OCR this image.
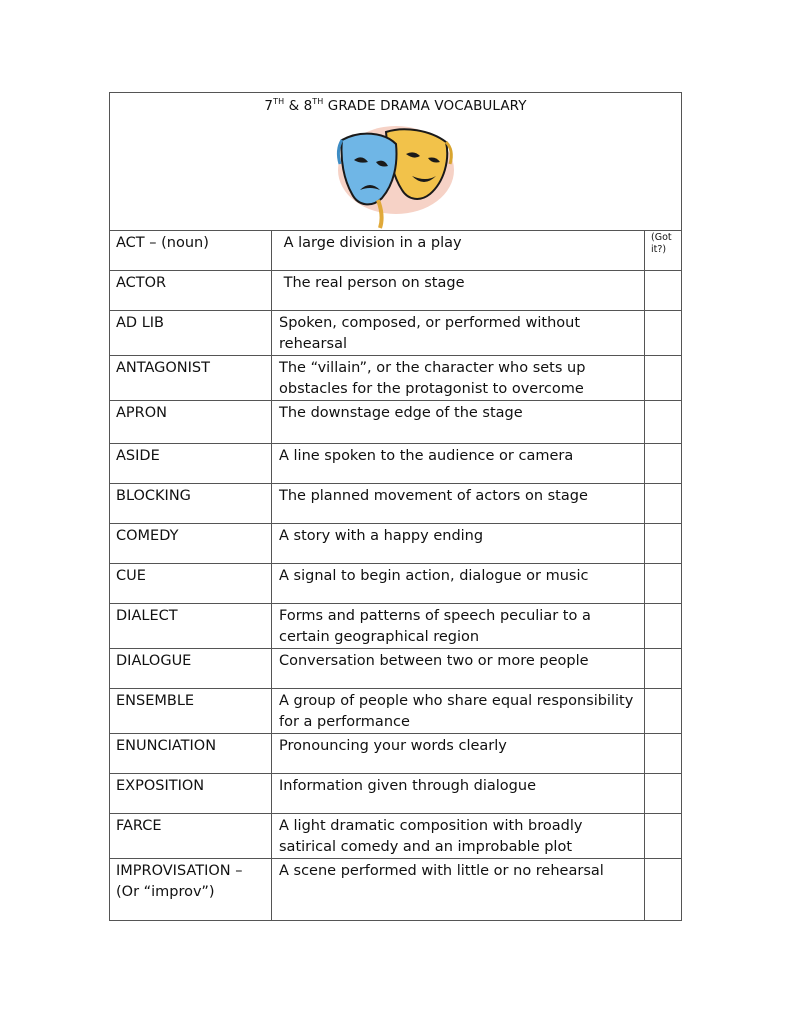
7TH & 8TH GRADE DRAMA VOCABULARY		

ACT – (noun)	A large division in a play	(Got
it?)

ACTOR	The real person on stage	
AD LIB	Spoken, composed, or performed without rehearsal	
ANTAGONIST	The “villain”, or the character who sets up obstacles for the protagonist to overcome	
APRON	The downstage edge of the stage	
ASIDE	A line spoken to the audience or camera	
BLOCKING	The planned movement of actors on stage	
COMEDY	A story with a happy ending	
CUE	A signal to begin action, dialogue or music	
DIALECT	Forms and patterns of speech peculiar to a certain geographical region	
DIALOGUE	Conversation between two or more people	
ENSEMBLE	A group of people who share equal responsibility for a performance	
ENUNCIATION	Pronouncing your words clearly	
EXPOSITION	Information given through dialogue	
FARCE	A light dramatic composition with broadly satirical comedy and an improbable plot	
IMPROVISATION – (Or “improv”)	A scene performed with little or no rehearsal	
